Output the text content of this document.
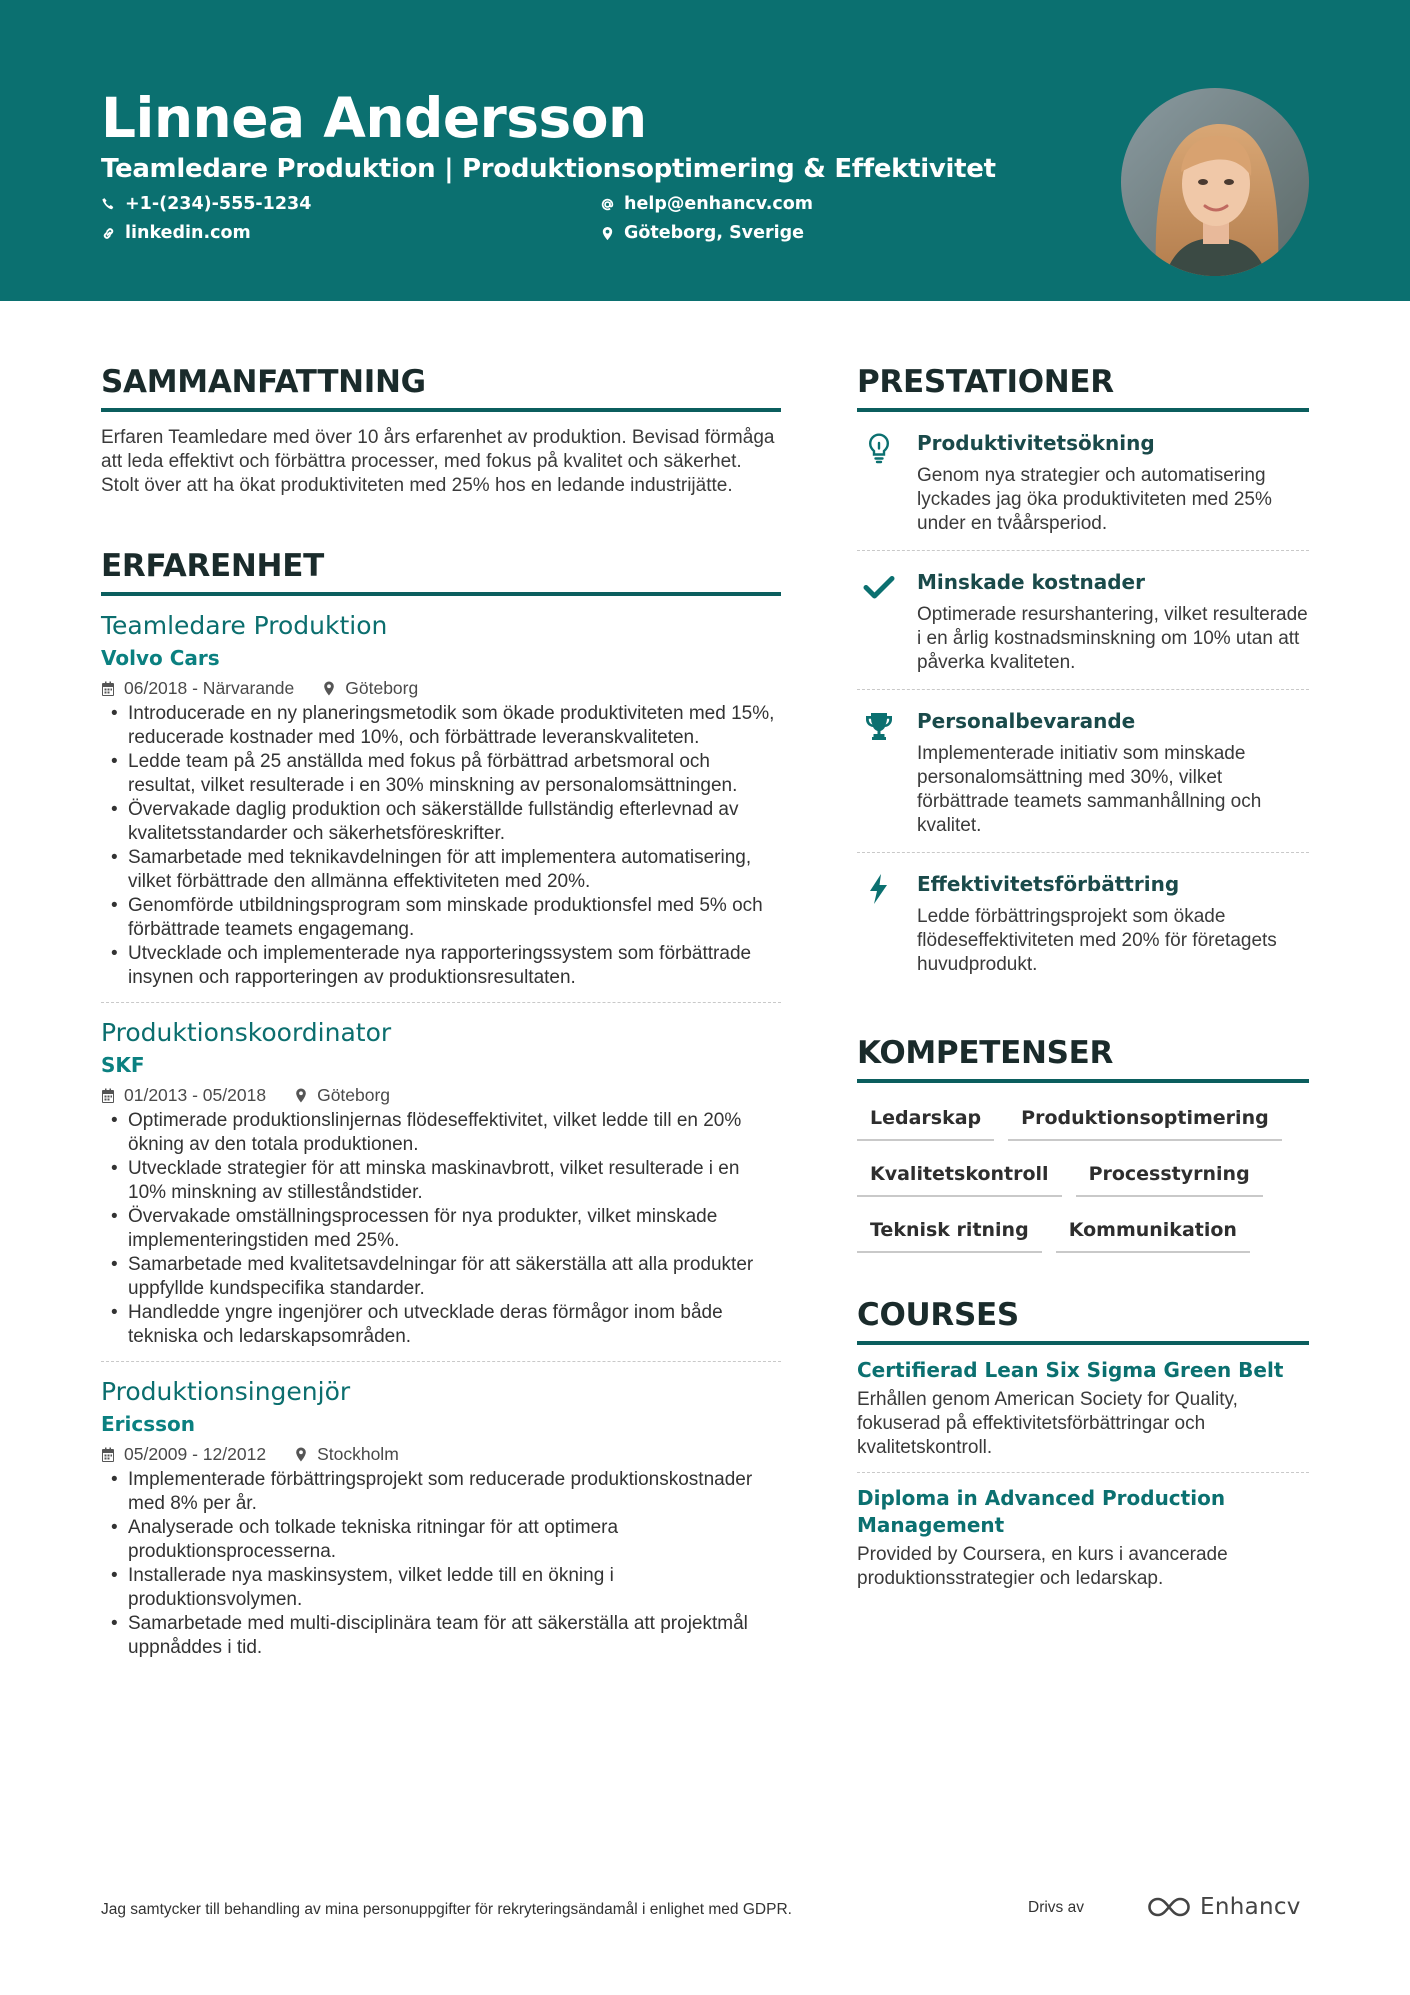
Linnea Andersson
Teamledare Produktion | Produktionsoptimering & Effektivitet
+1-(234)-555-1234
linkedin.com
help@enhancv.com
Göteborg, Sverige
SAMMANFATTNING

Erfaren Teamledare med över 10 års erfarenhet av produktion. Bevisad förmåga att leda effektivt och förbättra processer, med fokus på kvalitet och säkerhet. Stolt över att ha ökat produktiviteten med 25% hos en ledande industrijätte.

ERFARENHET
Teamledare Produktion
Volvo Cars
06/2018 - Närvarande	Göteborg
• Introducerade en ny planeringsmetodik som ökade produktiviteten med 15%, reducerade kostnader med 10%, och förbättrade leveranskvaliteten.
• Ledde team på 25 anställda med fokus på förbättrad arbetsmoral och resultat, vilket resulterade i en 30% minskning av personalomsättningen.
• Övervakade daglig produktion och säkerställde fullständig efterlevnad av kvalitetsstandarder och säkerhetsföreskrifter.
• Samarbetade med teknikavdelningen för att implementera automatisering, vilket förbättrade den allmänna effektiviteten med 20%.
• Genomförde utbildningsprogram som minskade produktionsfel med 5% och förbättrade teamets engagemang.
• Utvecklade och implementerade nya rapporteringssystem som förbättrade insynen och rapporteringen av produktionsresultaten.
Produktionskoordinator
SKF
01/2013 - 05/2018	Göteborg
• Optimerade produktionslinjernas flödeseffektivitet, vilket ledde till en 20% ökning av den totala produktionen.
• Utvecklade strategier för att minska maskinavbrott, vilket resulterade i en 10% minskning av stilleståndstider.
• Övervakade omställningsprocessen för nya produkter, vilket minskade implementeringstiden med 25%.
• Samarbetade med kvalitetsavdelningar för att säkerställa att alla produkter uppfyllde kundspecifika standarder.
• Handledde yngre ingenjörer och utvecklade deras förmågor inom både tekniska och ledarskapsområden.
Produktionsingenjör
Ericsson
05/2009 - 12/2012	Stockholm
• Implementerade förbättringsprojekt som reducerade produktionskostnader med 8% per år.
• Analyserade och tolkade tekniska ritningar för att optimera produktionsprocesserna.
• Installerade nya maskinsystem, vilket ledde till en ökning i produktionsvolymen.
• Samarbetade med multi-disciplinära team för att säkerställa att projektmål uppnåddes i tid.
PRESTATIONER
Produktivitetsökning
Genom nya strategier och automatisering lyckades jag öka produktiviteten med 25% under en tvåårsperiod.
Minskade kostnader
Optimerade resurshantering, vilket resulterade i en årlig kostnadsminskning om 10% utan att påverka kvaliteten.
Personalbevarande
Implementerade initiativ som minskade personalomsättning med 30%, vilket förbättrade teamets sammanhållning och kvalitet.
Effektivitetsförbättring
Ledde förbättringsprojekt som ökade flödeseffektiviteten med 20% för företagets huvudprodukt.
KOMPETENSER
Ledarskap	Produktionsoptimering
Kvalitetskontroll	Processtyrning
Teknisk ritning	Kommunikation
COURSES
Certifierad Lean Six Sigma Green Belt
Erhållen genom American Society for Quality, fokuserad på effektivitetsförbättringar och kvalitetskontroll.
Diploma in Advanced Production Management
Provided by Coursera, en kurs i avancerade produktionsstrategier och ledarskap.
Jag samtycker till behandling av mina personuppgifter för rekryteringsändamål i enlighet med GDPR.	Drivs av	Enhancv
